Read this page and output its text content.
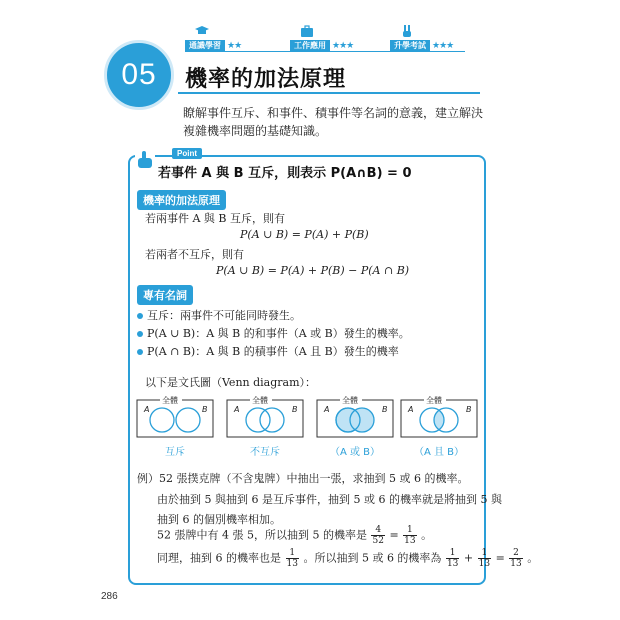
通識學習 ★★	工作應用 ★★★	升學考試 ★★★
05	機率的加法原理
瞭解事件互斥、和事件、積事件等名詞的意義，建立解決複雜機率問題的基礎知識。
Point
若事件 A 與 B 互斥，則表示 P(A∩B) = 0
機率的加法原理
若兩事件 A 與 B 互斥，則有
P(A ∪ B) = P(A) + P(B)
若兩者不互斥，則有
P(A ∪ B) = P(A) + P(B) − P(A ∩ B)
專有名詞
互斥：兩事件不可能同時發生。
P(A ∪ B)：A 與 B 的和事件（A 或 B）發生的機率。
P(A ∩ B)：A 與 B 的積事件（A 且 B）發生的機率
以下是文氏圖（Venn diagram）：
全體
A	B
互斥
全體
A	B
不互斥
全體
A	B
（A 或 B）
全體
A	B
（A 且 B）
例）52 張撲克牌（不含鬼牌）中抽出一張，求抽到 5 或 6 的機率。
由於抽到 5 與抽到 6 是互斥事件，抽到 5 或 6 的機率就是將抽到 5 與
抽到 6 的個別機率相加。
52 張牌中有 4 張 5，所以抽到 5 的機率是 $\frac{4}{52} = \frac{1}{13}$ 。
同理，抽到 6 的機率也是 $\frac{1}{13}$ 。所以抽到 5 或 6 的機率為 $\frac{1}{13} + \frac{1}{13} = \frac{2}{13}$ 。
286
